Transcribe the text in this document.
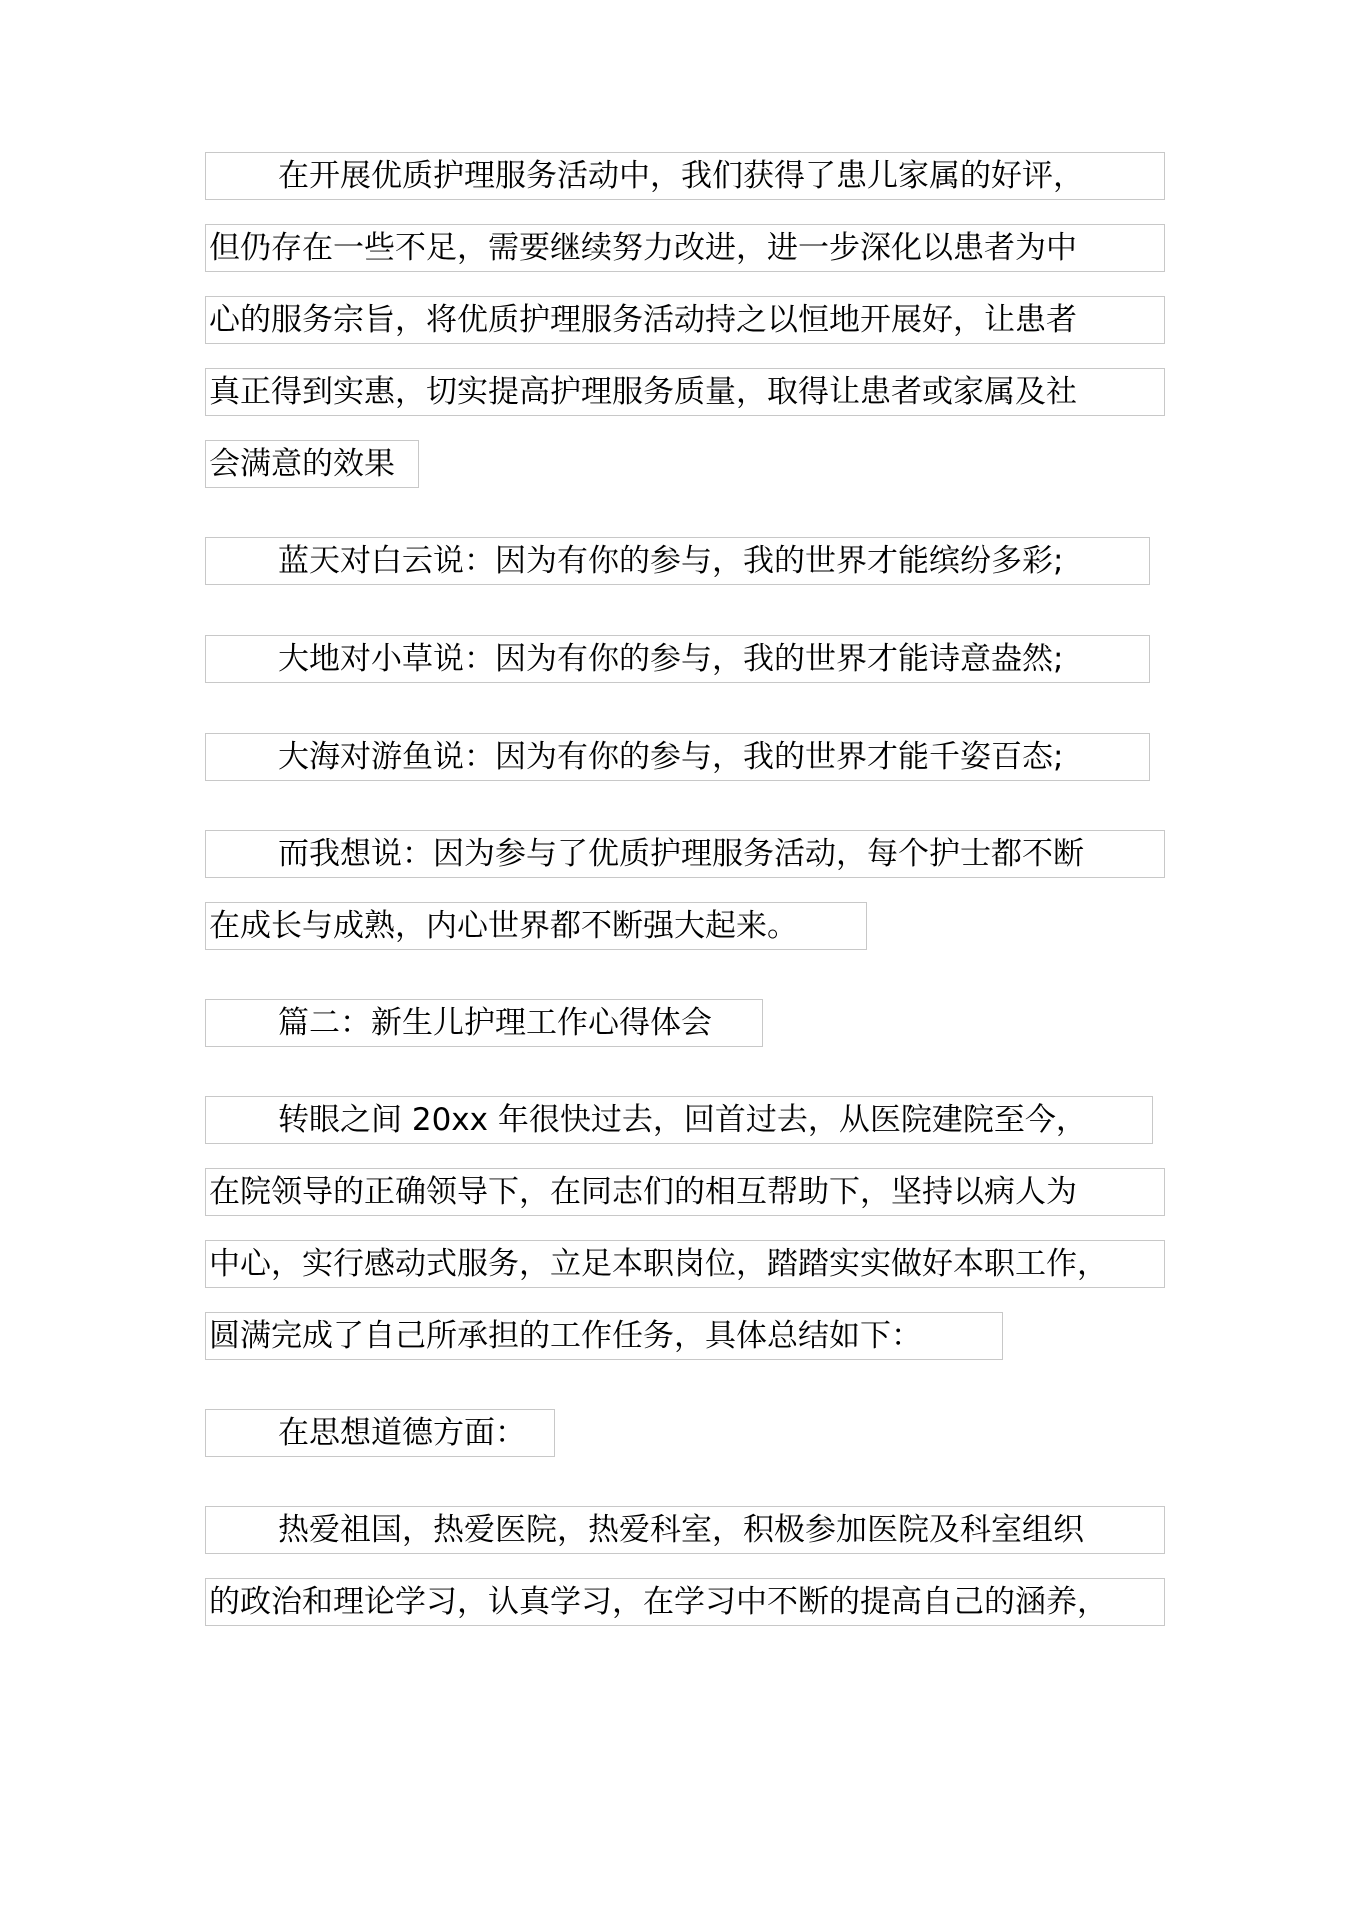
在开展优质护理服务活动中，我们获得了患儿家属的好评，
但仍存在一些不足，需要继续努力改进，进一步深化以患者为中
心的服务宗旨，将优质护理服务活动持之以恒地开展好，让患者
真正得到实惠，切实提高护理服务质量，取得让患者或家属及社
会满意的效果
蓝天对白云说：因为有你的参与，我的世界才能缤纷多彩;
大地对小草说：因为有你的参与，我的世界才能诗意盎然;
大海对游鱼说：因为有你的参与，我的世界才能千姿百态;
而我想说：因为参与了优质护理服务活动，每个护士都不断
在成长与成熟，内心世界都不断强大起来。
篇二：新生儿护理工作心得体会
转眼之间 20xx 年很快过去，回首过去，从医院建院至今，
在院领导的正确领导下，在同志们的相互帮助下，坚持以病人为
中心，实行感动式服务，立足本职岗位，踏踏实实做好本职工作，
圆满完成了自己所承担的工作任务，具体总结如下：
在思想道德方面：
热爱祖国，热爱医院，热爱科室，积极参加医院及科室组织
的政治和理论学习，认真学习，在学习中不断的提高自己的涵养，
